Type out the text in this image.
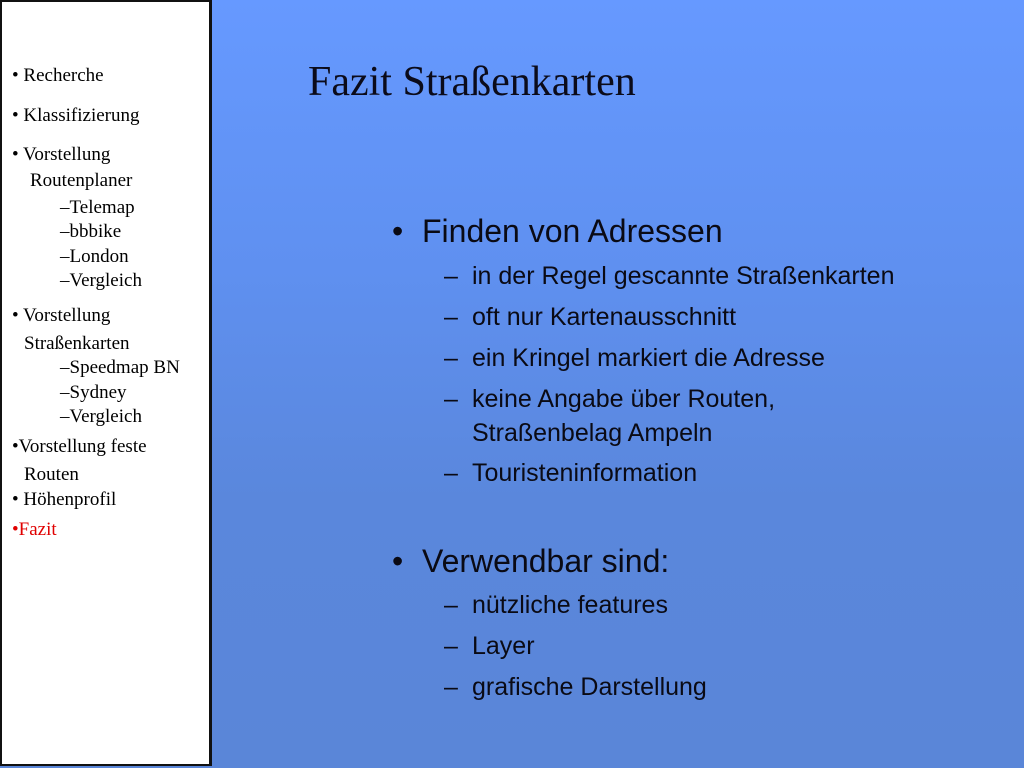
• Recherche
• Klassifizierung
• Vorstellung
Routenplaner
–Telemap
–bbbike
–London
–Vergleich
• Vorstellung
Straßenkarten
–Speedmap BN
–Sydney
–Vergleich
•Vorstellung feste
Routen
• Höhenprofil
•Fazit
Fazit Straßenkarten
• Finden von Adressen
– in der Regel gescannte Straßenkarten
– oft nur Kartenausschnitt
– ein Kringel markiert die Adresse
– keine Angabe über Routen,
Straßenbelag Ampeln
– Touristeninformation
• Verwendbar sind:
– nützliche features
– Layer
– grafische Darstellung
